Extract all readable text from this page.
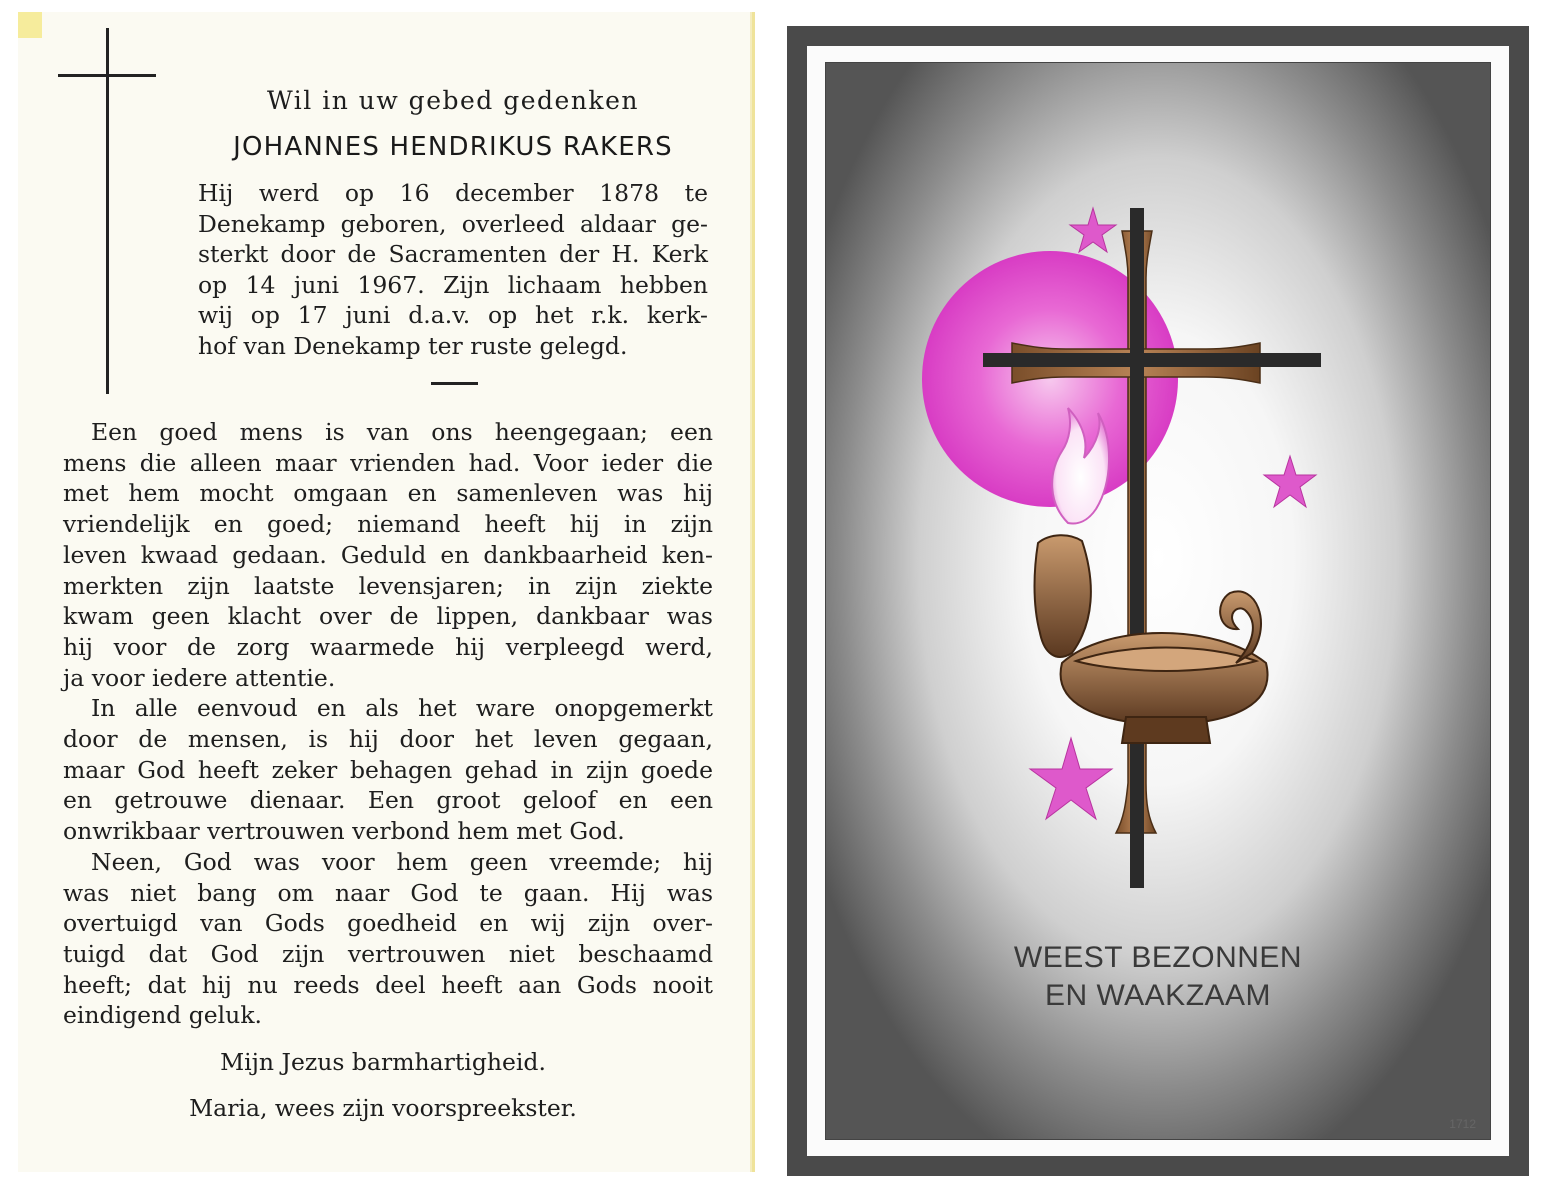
Wil in uw gebed gedenken
JOHANNES HENDRIKUS RAKERS
Hij werd op 16 december 1878 te
Denekamp geboren, overleed aldaar ge-
sterkt door de Sacramenten der H. Kerk
op 14 juni 1967. Zijn lichaam hebben
wij op 17 juni d.a.v. op het r.k. kerk-
hof van Denekamp ter ruste gelegd.
Een goed mens is van ons heengegaan; een
mens die alleen maar vrienden had. Voor ieder die
met hem mocht omgaan en samenleven was hij
vriendelijk en goed; niemand heeft hij in zijn
leven kwaad gedaan. Geduld en dankbaarheid ken-
merkten zijn laatste levensjaren; in zijn ziekte
kwam geen klacht over de lippen, dankbaar was
hij voor de zorg waarmede hij verpleegd werd,
ja voor iedere attentie.
In alle eenvoud en als het ware onopgemerkt
door de mensen, is hij door het leven gegaan,
maar God heeft zeker behagen gehad in zijn goede
en getrouwe dienaar. Een groot geloof en een
onwrikbaar vertrouwen verbond hem met God.
Neen, God was voor hem geen vreemde; hij
was niet bang om naar God te gaan. Hij was
overtuigd van Gods goedheid en wij zijn over-
tuigd dat God zijn vertrouwen niet beschaamd
heeft; dat hij nu reeds deel heeft aan Gods nooit
eindigend geluk.
Mijn Jezus barmhartigheid.
Maria, wees zijn voorspreekster.
WEEST BEZONNEN
EN WAAKZAAM
1712
